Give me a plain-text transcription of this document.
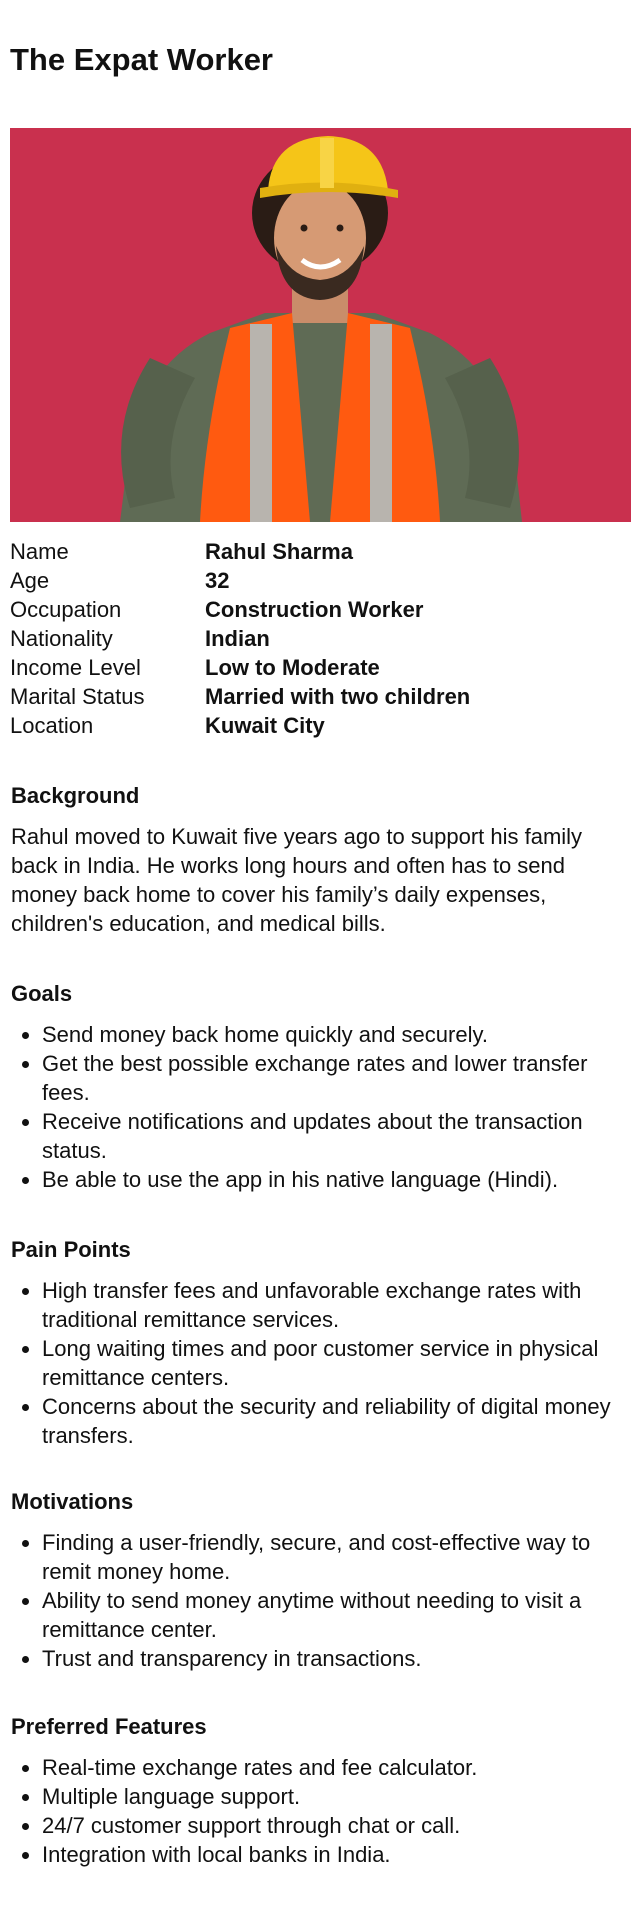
The Expat Worker
Name	Rahul Sharma
Age	32
Occupation	Construction Worker
Nationality	Indian
Income Level	Low to Moderate
Marital Status	Married with two children
Location	Kuwait City
Background

Rahul moved to Kuwait five years ago to support his family back in India. He works long hours and often has to send money back home to cover his family’s daily expenses, children's education, and medical bills.

Goals
• Send money back home quickly and securely.
• Get the best possible exchange rates and lower transfer fees.
• Receive notifications and updates about the transaction status.
• Be able to use the app in his native language (Hindi).
Pain Points
• High transfer fees and unfavorable exchange rates with traditional remittance services.
• Long waiting times and poor customer service in physical remittance centers.
• Concerns about the security and reliability of digital money transfers.
Motivations
• Finding a user-friendly, secure, and cost-effective way to remit money home.
• Ability to send money anytime without needing to visit a remittance center.
• Trust and transparency in transactions.
Preferred Features
• Real-time exchange rates and fee calculator.
• Multiple language support.
• 24/7 customer support through chat or call.
• Integration with local banks in India.
